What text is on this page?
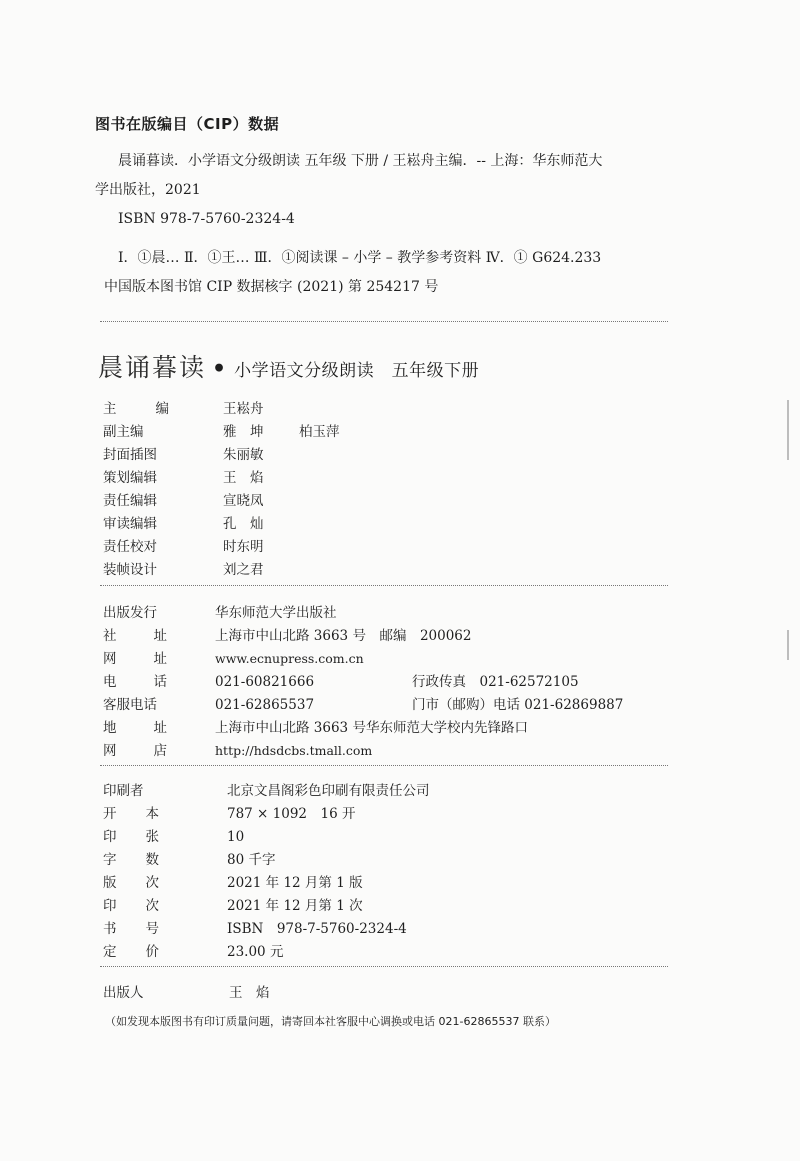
图书在版编目（CIP）数据
晨诵暮读．小学语文分级朗读 五年级 下册 / 王崧舟主编．-- 上海：华东师范大
学出版社，2021
ISBN 978-7-5760-2324-4
Ⅰ．①晨… Ⅱ．①王… Ⅲ．①阅读课 – 小学 – 教学参考资料 Ⅳ．① G624.233
中国版本图书馆 CIP 数据核字 (2021) 第 254217 号
晨诵暮读 • 小学语文分级朗读　五年级下册
主	编	王崧舟
副主编	雅　坤	柏玉萍
封面插图	朱丽敏
策划编辑	王　焰
责任编辑	宣晓凤
审读编辑	孔　灿
责任校对	时东明
装帧设计	刘之君
出版发行	华东师范大学出版社
社	址	上海市中山北路 3663 号　邮编　200062
网	址	www.ecnupress.com.cn
电	话	021-60821666	行政传真　021-62572105
客服电话	021-62865537	门市（邮购）电话 021-62869887
地	址	上海市中山北路 3663 号华东师范大学校内先锋路口
网	店	http://hdsdcbs.tmall.com
印刷者	北京文昌阁彩色印刷有限责任公司
开 本	787 × 1092　16 开
印 张	10
字 数	80 千字
版 次	2021 年 12 月第 1 版
印 次	2021 年 12 月第 1 次
书 号	ISBN　978-7-5760-2324-4
定 价	23.00 元
出版人	王　焰
（如发现本版图书有印订质量问题，请寄回本社客服中心调换或电话 021-62865537 联系）
